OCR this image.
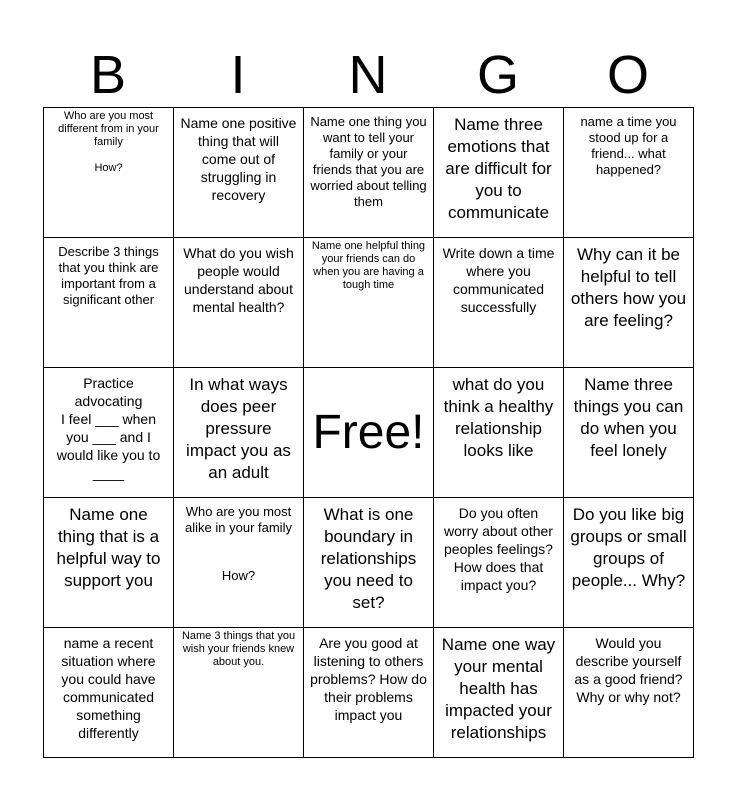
B	I	N	G	O
Who are you most different from in your family

How?
Name one positive thing that will come out of struggling in recovery
Name one thing you want to tell your family or your friends that you are worried about telling them
Name three emotions that are difficult for you to communicate
name a time you stood up for a friend... what happened?
Describe 3 things that you think are important from a significant other
What do you wish people would understand about mental health?
Name one helpful thing your friends can do when you are having a tough time
Write down a time where you communicated successfully
Why can it be helpful to tell others how you are feeling?
Practice advocating
I feel ___ when you ___ and I would like you to ____
In what ways does peer pressure impact you as an adult
Free!
what do you think a healthy relationship looks like
Name three things you can do when you feel lonely
Name one thing that is a helpful way to support you
Who are you most alike in your family

How?
What is one boundary in relationships you need to set?
Do you often worry about other peoples feelings? How does that impact you?
Do you like big groups or small groups of people... Why?
name a recent situation where you could have communicated something differently
Name 3 things that you wish your friends knew about you.
Are you good at listening to others problems? How do their problems impact you
Name one way your mental health has impacted your relationships
Would you describe yourself as a good friend? Why or why not?
